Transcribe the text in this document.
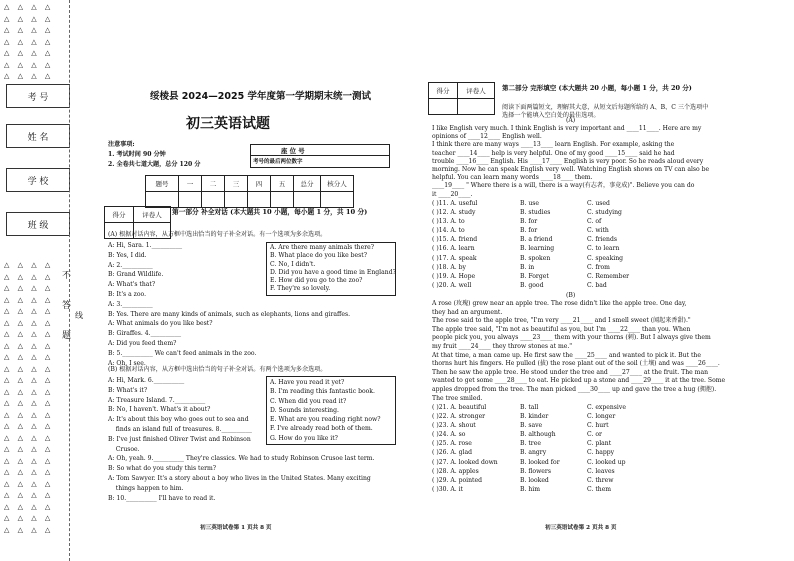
△ △ △ △
△ △ △ △
△ △ △ △
△ △ △ △
△ △ △ △
△ △ △ △
△ △ △ △
△ △ △ △
△ △ △ △
△ △ △ △
△ △ △ △
△ △ △ △
△ △ △ △
△ △ △ △
△ △ △ △
△ △ △ △
△ △ △ △
△ △ △ △
△ △ △ △
△ △ △ △
△ △ △ △
△ △ △ △
△ △ △ △
△ △ △ △
△ △ △ △
△ △ △ △
△ △ △ △
△ △ △ △
△ △ △ △
△ △ △ △
△ △ △ △
考 号
姓 名
学 校
班 级
不
答
题
线
绥棱县 2024—2025 学年度第一学期期末统一测试
初三英语试题
注意事项:
1. 考试时间 90 分钟
2. 全卷共七道大题，总分 120 分
座 位 号
考号的最后两位数字
题号	一	二	三	四	五	总分	核分人

得分	评卷人
	第一部分 补全对话 (本大题共 10 小题，每小题 1 分，共 10 分)
(A) 根据对话内容，从方框中选出恰当的句子补全对话。有一个选项为多余选项。
A: Hi, Sara. 1.__________
B: Yes, I did.
A: 2.__________
B: Grand Wildlife.
A: What's that?
B: It's a zoo.
A: 3.__________
B: Yes. There are many kinds of animals, such as elephants, lions and giraffes.
A: What animals do you like best?
B: Giraffes. 4.__________
A: Did you feed them?
B: 5.__________ We can't feed animals in the zoo.
A: Oh, I see.
A. Are there many animals there?
B. What place do you like best?
C. No, I didn't.
D. Did you have a good time in England?
E. How did you go to the zoo?
F. They're so lovely.
(B) 根据对话内容，从方框中选出恰当的句子补全对话。有两个选项为多余选项。
A: Hi, Mark. 6.__________
B: What's it?
A: Treasure Island. 7.__________
B: No, I haven't. What's it about?
A: It's about this boy who goes out to sea and
finds an island full of treasures. 8.__________
B: I've just finished Oliver Twist and Robinson
Crusoe.
A: Oh, yeah. 9.__________ They're classics. We had to study Robinson Crusoe last term.
B: So what do you study this term?
A: Tom Sawyer. It's a story about a boy who lives in the United States. Many exciting
things happen to him.
B: 10.__________ I'll have to read it.
A. Have you read it yet?
B. I'm reading this fantastic book.
C. When did you read it?
D. Sounds interesting.
E. What are you reading right now?
F. I've already read both of them.
G. How do you like it?
初三英语试卷第 1 页共 8 页
得分	评卷人
		第二部分 完形填空 (本大题共 20 小题，每小题 1 分，共 20 分)
阅读下面两篇短文，理解其大意，从短文后每题所给的 A、B、C 三个选项中选择一个能填入空白处的最佳选项。
(A)
I like English very much. I think English is very important and ____11____. Here are my
opinions of ____12____ English well.
I think there are many ways ____13____ learn English. For example, asking the
teacher ____14____ help is very helpful. One of my good ____15____ said he had
trouble ____16____ English. His ____17____ English is very poor. So he reads aloud every
morning. Now he can speak English very well. Watching English shows on TV can also be
helpful. You can learn many words ____18____ them.
____19____ " Where there is a will, there is a way(有志者，事竟成)". Believe you can do
it ____20____.
( )11. A. useful	B. use	C. used
( )12. A. study	B. studies	C. studying
( )13. A. to	B. for	C. of
( )14. A. to	B. for	C. with
( )15. A. friend	B. a friend	C. friends
( )16. A. learn	B. learning	C. to learn
( )17. A. speak	B. spoken	C. speaking
( )18. A. by	B. in	C. from
( )19. A. Hope	B. Forget	C. Remember
( )20. A. well	B. good	C. bad
(B)
A rose (玫瑰) grew near an apple tree. The rose didn't like the apple tree. One day,
they had an argument.
The rose said to the apple tree, "I'm very ____21____ and I smell sweet (闻起来香甜)."
The apple tree said, "I'm not as beautiful as you, but I'm ____22____ than you. When
people pick you, you always ____23____ them with your thorns (刺). But I always give them
my fruit ____24____ they throw stones at me."
At that time, a man came up. He first saw the ____25____ and wanted to pick it. But the
thorns hurt his fingers. He pulled (拔) the rose plant out of the soil (土壤) and was ____26____.
Then he saw the apple tree. He stood under the tree and ____27____ at the fruit. The man
wanted to get some ____28____ to eat. He picked up a stone and ____29____ it at the tree. Some
apples dropped from the tree. The man picked ____30____ up and gave the tree a hug (拥抱).
The tree smiled.
( )21. A. beautiful	B. tall	C. expensive
( )22. A. stronger	B. kinder	C. longer
( )23. A. shout	B. save	C. hurt
( )24. A. so	B. although	C. or
( )25. A. rose	B. tree	C. plant
( )26. A. glad	B. angry	C. happy
( )27. A. looked down	B. looked for	C. looked up
( )28. A. apples	B. flowers	C. leaves
( )29. A. pointed	B. looked	C. threw
( )30. A. it	B. him	C. them
初三英语试卷第 2 页共 8 页
